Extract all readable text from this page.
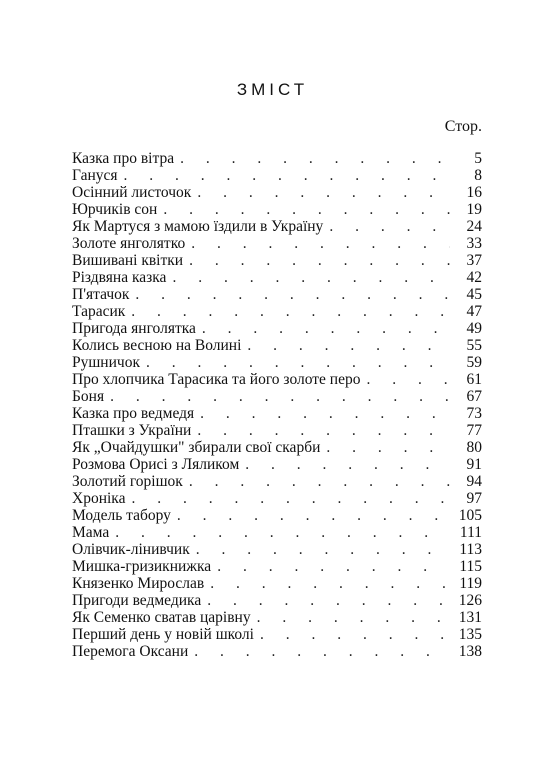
ЗМІСТ

Стор.

Казка про вітра . . .	5
Гануся . . .	8
Осінний листочок . . .	16
Юрчиків сон . . .	19
Як Мартуся з мамою їздили в Україну . . .	24
Золоте янголятко . . .	33
Вишивані квітки . . .	37
Різдвяна казка . . .	42
П'ятачок . . .	45
Тарасик . . .	47
Пригода янголятка . . .	49
Колись весною на Волині . . .	55
Рушничок . . .	59
Про хлопчика Тарасика та його золоте перо . . .	61
Боня . . .	67
Казка про ведмедя . . .	73
Пташки з України . . .	77
Як „Очайдушки" збирали свої скарби . . .	80
Розмова Орисі з Ляликом . . .	91
Золотий горішок . . .	94
Хроніка . . .	97
Модель табору . . .	105
Мама . . .	111
Олівчик-лінивчик . . .	113
Мишка-гризикнижка . . .	115
Князенко Мирослав . . .	119
Пригоди ведмедика . . .	126
Як Семенко сватав царівну . . .	131
Перший день у новій школі . . .	135
Перемога Оксани . . .	138
